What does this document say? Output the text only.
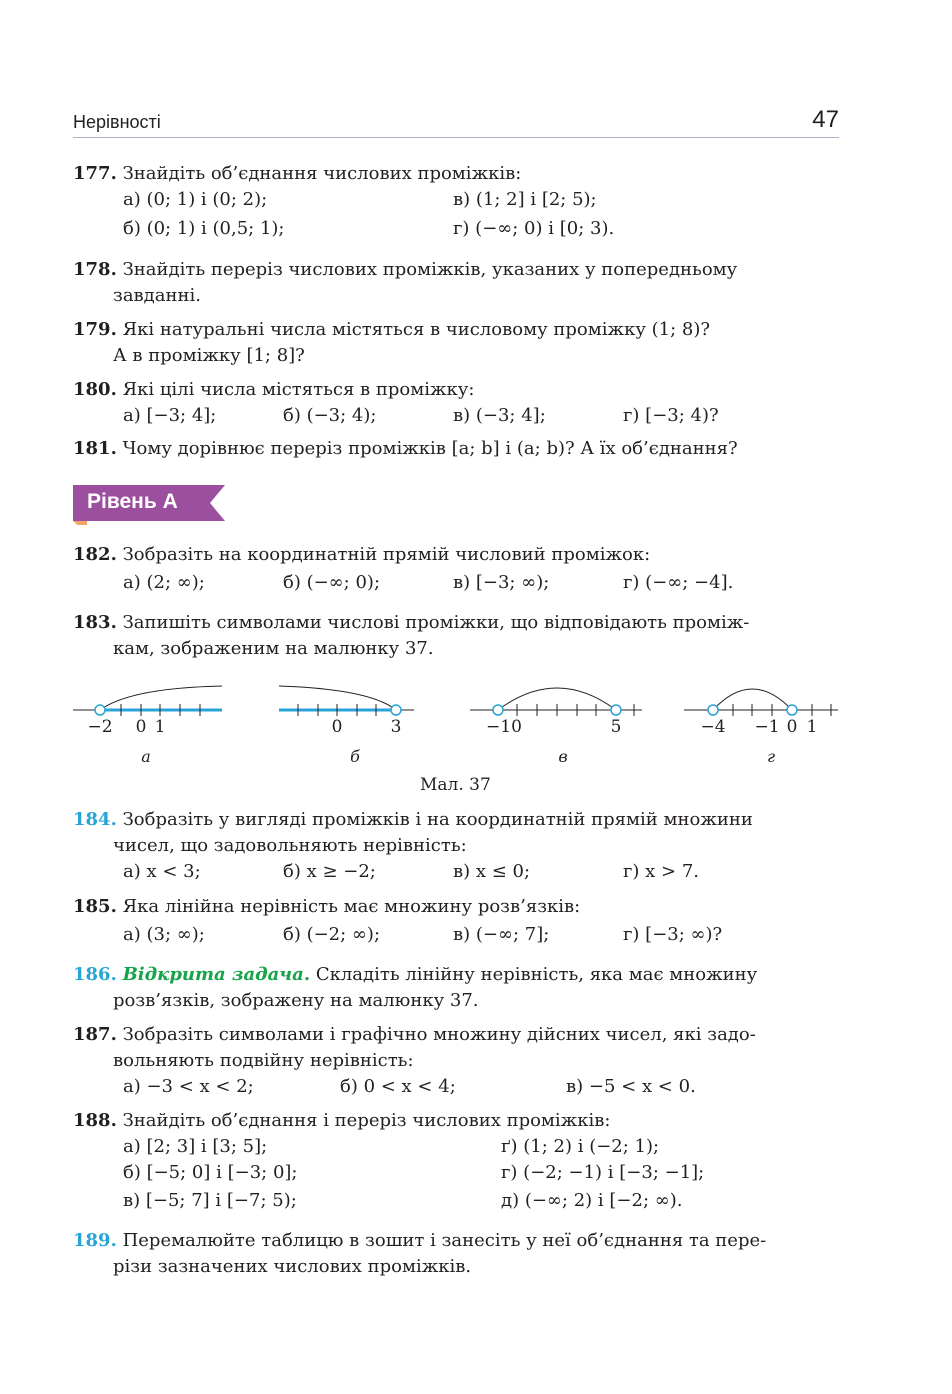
Нерівності	47
177. Знайдіть об’єднання числових проміжків:
а) (0; 1) і (0; 2);	в) (1; 2] і [2; 5);
б) (0; 1) і (0,5; 1);	г) (−∞; 0) і [0; 3).
178. Знайдіть переріз числових проміжків, указаних у попередньому
завданні.
179. Які натуральні числа містяться в числовому проміжку (1; 8)?
А в проміжку [1; 8]?
180. Які цілі числа містяться в проміжку:
а) [−3; 4];	б) (−3; 4);	в) (−3; 4];	г) [−3; 4)?
181. Чому дорівнює переріз проміжків [a; b] і (a; b)? А їх об’єднання?
Рівень А
182. Зобразіть на координатній прямій числовий проміжок:
а) (2; ∞);	б) (−∞; 0);	в) [−3; ∞);	г) (−∞; −4].
183. Запишіть символами числові проміжки, що відповідають проміж-
кам, зображеним на малюнку 37.
−2 0 1	0	3	−10	5	−4 −1 0 1
а	б	в	г
Мал. 37
184. Зобразіть у вигляді проміжків і на координатній прямій множини
чисел, що задовольняють нерівність:
а) x < 3;	б) x ≥ −2;	в) x ≤ 0;	г) x > 7.
185. Яка лінійна нерівність має множину розв’язків:
а) (3; ∞);	б) (−2; ∞);	в) (−∞; 7];	г) [−3; ∞)?
186. Відкрита задача. Складіть лінійну нерівність, яка має множину
розв’язків, зображену на малюнку 37.
187. Зобразіть символами і графічно множину дійсних чисел, які задо-
вольняють подвійну нерівність:
а) −3 < x < 2;	б) 0 < x < 4;	в) −5 < x < 0.
188. Знайдіть об’єднання і переріз числових проміжків:
а) [2; 3] і [3; 5];	ґ) (1; 2) і (−2; 1);
б) [−5; 0] і [−3; 0];	г) (−2; −1) і [−3; −1];
в) [−5; 7] і [−7; 5);	д) (−∞; 2) і [−2; ∞).
189. Перемалюйте таблицю в зошит і занесіть у неї об’єднання та пере-
різи зазначених числових проміжків.
